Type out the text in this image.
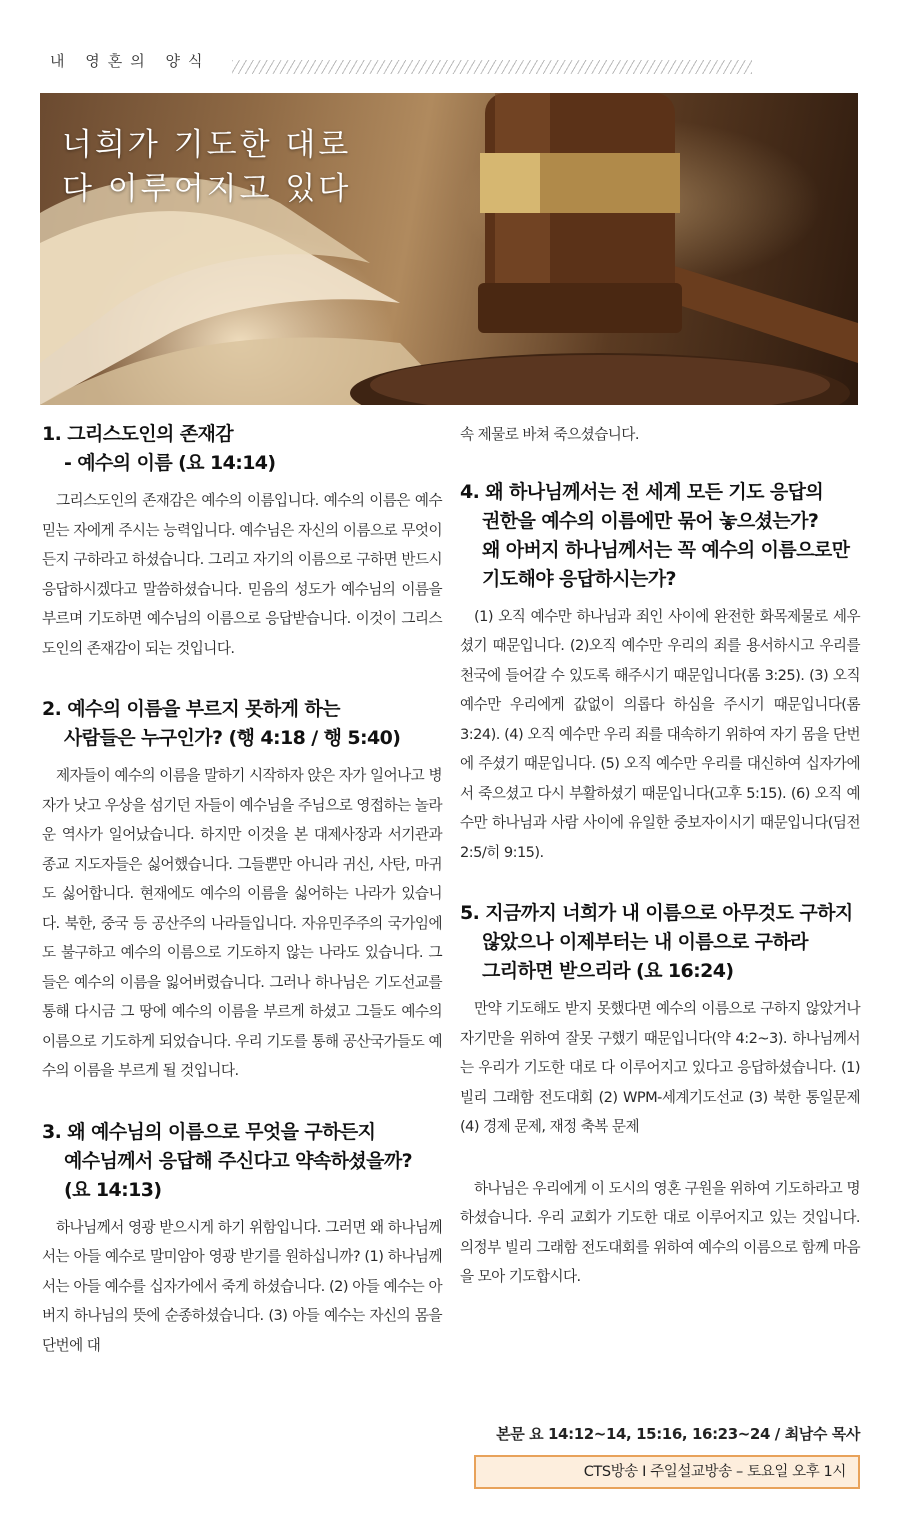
내 영혼의 양식
너희가 기도한 대로
다 이루어지고 있다
1. 그리스도인의 존재감
- 예수의 이름 (요 14:14)

그리스도인의 존재감은 예수의 이름입니다. 예수의 이름은 예수 믿는 자에게 주시는 능력입니다. 예수님은 자신의 이름으로 무엇이든지 구하라고 하셨습니다. 그리고 자기의 이름으로 구하면 반드시 응답하시겠다고 말씀하셨습니다. 믿음의 성도가 예수님의 이름을 부르며 기도하면 예수님의 이름으로 응답받습니다. 이것이 그리스도인의 존재감이 되는 것입니다.

2. 예수의 이름을 부르지 못하게 하는
사람들은 누구인가? (행 4:18 / 행 5:40)

제자들이 예수의 이름을 말하기 시작하자 앉은 자가 일어나고 병자가 낫고 우상을 섬기던 자들이 예수님을 주님으로 영접하는 놀라운 역사가 일어났습니다. 하지만 이것을 본 대제사장과 서기관과 종교 지도자들은 싫어했습니다. 그들뿐만 아니라 귀신, 사탄, 마귀도 싫어합니다. 현재에도 예수의 이름을 싫어하는 나라가 있습니다. 북한, 중국 등 공산주의 나라들입니다. 자유민주주의 국가임에도 불구하고 예수의 이름으로 기도하지 않는 나라도 있습니다. 그들은 예수의 이름을 잃어버렸습니다. 그러나 하나님은 기도선교를 통해 다시금 그 땅에 예수의 이름을 부르게 하셨고 그들도 예수의 이름으로 기도하게 되었습니다. 우리 기도를 통해 공산국가들도 예수의 이름을 부르게 될 것입니다.

3. 왜 예수님의 이름으로 무엇을 구하든지
예수님께서 응답해 주신다고 약속하셨을까?
(요 14:13)

하나님께서 영광 받으시게 하기 위함입니다. 그러면 왜 하나님께서는 아들 예수로 말미암아 영광 받기를 원하십니까? (1) 하나님께서는 아들 예수를 십자가에서 죽게 하셨습니다. (2) 아들 예수는 아버지 하나님의 뜻에 순종하셨습니다. (3) 아들 예수는 자신의 몸을 단번에 대

속 제물로 바쳐 죽으셨습니다.

4. 왜 하나님께서는 전 세계 모든 기도 응답의
권한을 예수의 이름에만 묶어 놓으셨는가?
왜 아버지 하나님께서는 꼭 예수의 이름으로만
기도해야 응답하시는가?

(1) 오직 예수만 하나님과 죄인 사이에 완전한 화목제물로 세우셨기 때문입니다. (2)오직 예수만 우리의 죄를 용서하시고 우리를 천국에 들어갈 수 있도록 해주시기 때문입니다(롬 3:25). (3) 오직 예수만 우리에게 값없이 의롭다 하심을 주시기 때문입니다(롬 3:24). (4) 오직 예수만 우리 죄를 대속하기 위하여 자기 몸을 단번에 주셨기 때문입니다. (5) 오직 예수만 우리를 대신하여 십자가에서 죽으셨고 다시 부활하셨기 때문입니다(고후 5:15). (6) 오직 예수만 하나님과 사람 사이에 유일한 중보자이시기 때문입니다(딤전 2:5/히 9:15).

5. 지금까지 너희가 내 이름으로 아무것도 구하지
않았으나 이제부터는 내 이름으로 구하라
그리하면 받으리라 (요 16:24)

만약 기도해도 받지 못했다면 예수의 이름으로 구하지 않았거나 자기만을 위하여 잘못 구했기 때문입니다(약 4:2~3). 하나님께서는 우리가 기도한 대로 다 이루어지고 있다고 응답하셨습니다. (1) 빌리 그래함 전도대회 (2) WPM-세계기도선교 (3) 북한 통일문제 (4) 경제 문제, 재정 축복 문제

하나님은 우리에게 이 도시의 영혼 구원을 위하여 기도하라고 명하셨습니다. 우리 교회가 기도한 대로 이루어지고 있는 것입니다. 의정부 빌리 그래함 전도대회를 위하여 예수의 이름으로 함께 마음을 모아 기도합시다.

본문 요 14:12~14, 15:16, 16:23~24 / 최남수 목사
CTS방송 I 주일설교방송 – 토요일 오후 1시
